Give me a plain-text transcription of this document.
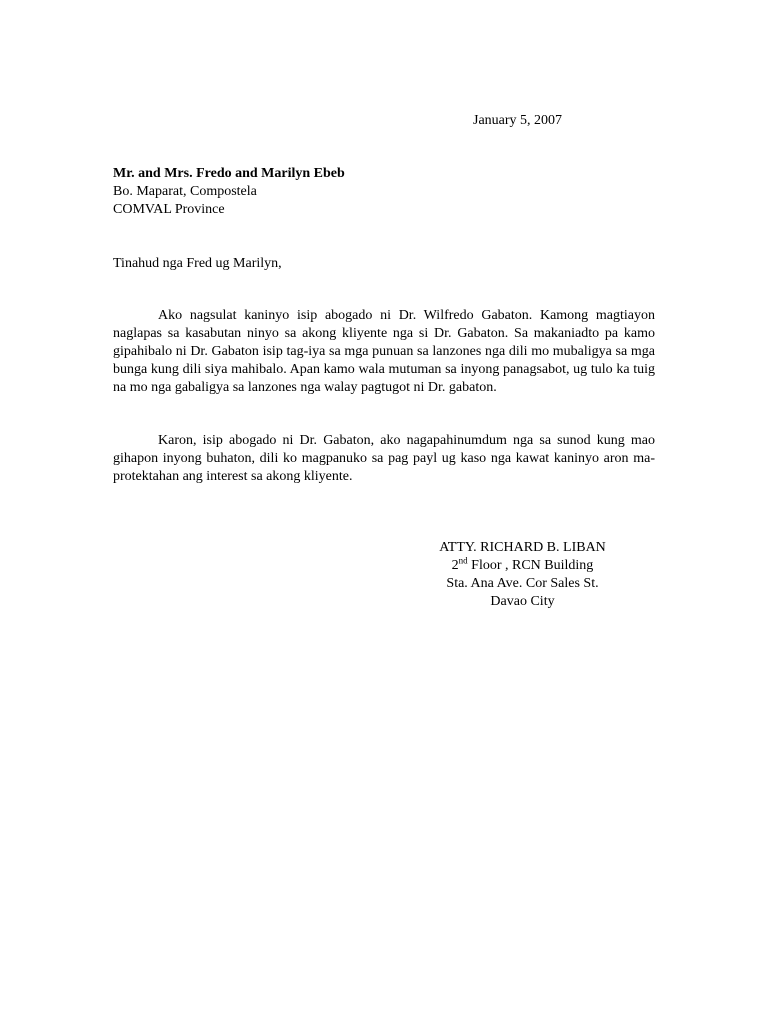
January 5, 2007
Mr. and Mrs. Fredo and Marilyn Ebeb
Bo. Maparat, Compostela
COMVAL Province
Tinahud nga Fred ug Marilyn,

Ako nagsulat kaninyo isip abogado ni Dr. Wilfredo Gabaton. Kamong magtiayon naglapas sa kasabutan ninyo sa akong kliyente nga si Dr. Gabaton. Sa makaniadto pa kamo gipahibalo ni Dr. Gabaton isip tag-iya sa mga punuan sa lanzones nga dili mo mubaligya sa mga bunga kung dili siya mahibalo. Apan kamo wala mutuman sa inyong panagsabot, ug tulo ka tuig na mo nga gabaligya sa lanzones nga walay pagtugot ni Dr. gabaton.

Karon, isip abogado ni Dr. Gabaton, ako nagapahinumdum nga sa sunod kung mao gihapon inyong buhaton, dili ko magpanuko sa pag payl ug kaso nga kawat kaninyo aron ma-protektahan ang interest sa akong kliyente.

ATTY. RICHARD B. LIBAN
2nd Floor , RCN Building
Sta. Ana Ave. Cor Sales St.
Davao City
